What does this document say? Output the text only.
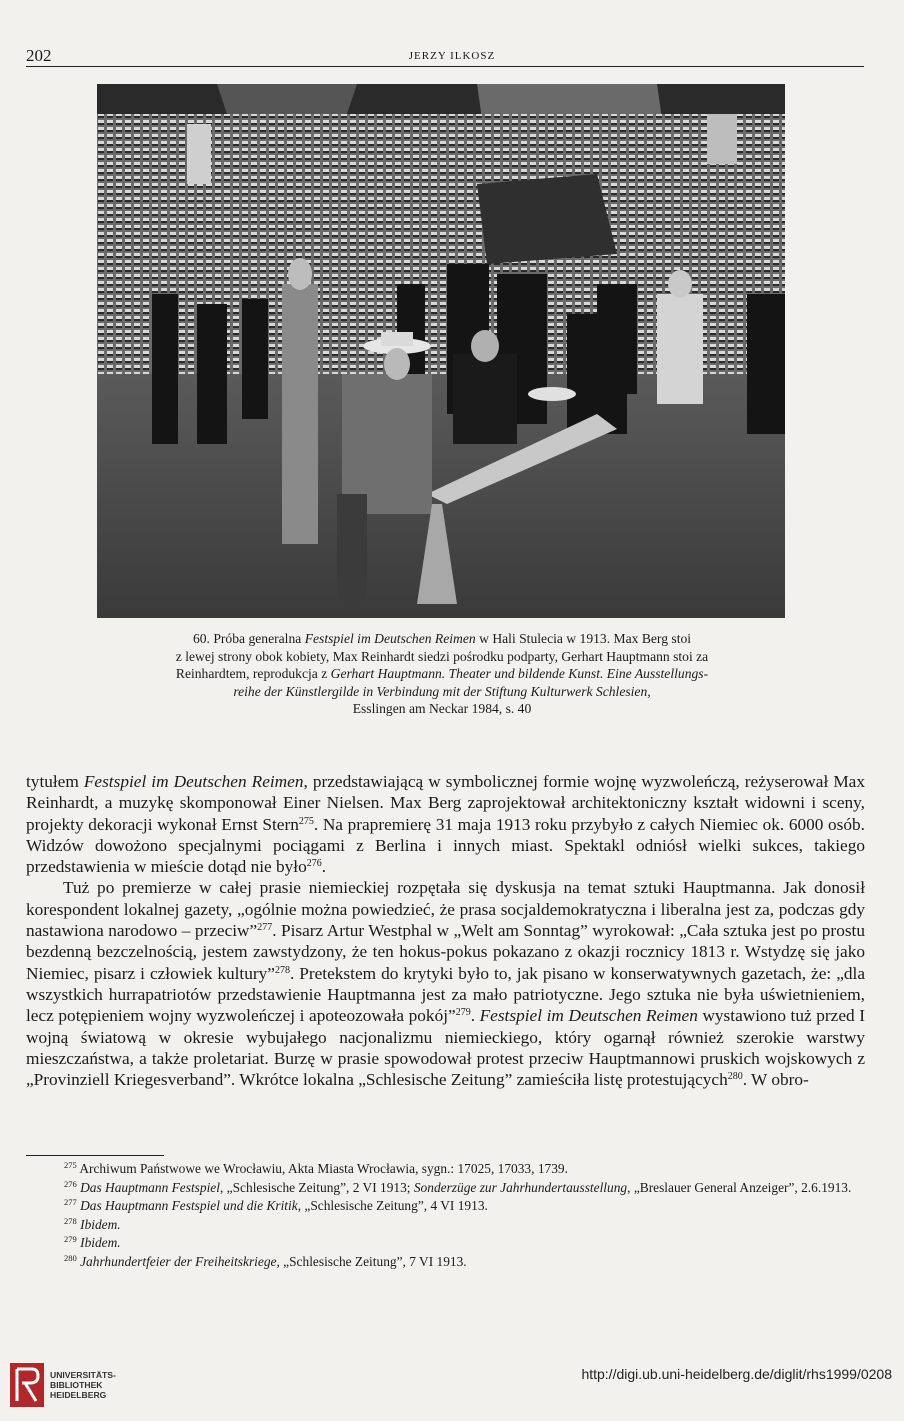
202	JERZY ILKOSZ

60. Próba generalna Festspiel im Deutschen Reimen w Hali Stulecia w 1913. Max Berg stoi

z lewej strony obok kobiety, Max Reinhardt siedzi pośrodku podparty, Gerhart Hauptmann stoi za

Reinhardtem, reprodukcja z Gerhart Hauptmann. Theater und bildende Kunst. Eine Ausstellungs-

reihe der Künstlergilde in Verbindung mit der Stiftung Kulturwerk Schlesien,

Esslingen am Neckar 1984, s. 40

tytułem Festspiel im Deutschen Reimen, przedstawiającą w symbolicznej formie wojnę wyzwoleńczą, reżyserował Max Reinhardt, a muzykę skomponował Einer Nielsen. Max Berg zaprojektował architektoniczny kształt widowni i sceny, projekty dekoracji wykonał Ernst Stern$^{275}$. Na prapremierę 31 maja 1913 roku przybyło z całych Niemiec ok. 6000 osób. Widzów dowożono specjalnymi pociągami z Berlina i innych miast. Spektakl odniósł wielki sukces, takiego przedstawienia w mieście dotąd nie było$^{276}$.

Tuż po premierze w całej prasie niemieckiej rozpętała się dyskusja na temat sztuki Hauptmanna. Jak donosił korespondent lokalnej gazety, „ogólnie można powiedzieć, że prasa socjaldemokratyczna i liberalna jest za, podczas gdy nastawiona narodowo – przeciw”$^{277}$. Pisarz Artur Westphal w „Welt am Sonntag” wyrokował: „Cała sztuka jest po prostu bezdenną bezczelnością, jestem zawstydzony, że ten hokus-pokus pokazano z okazji rocznicy 1813 r. Wstydzę się jako Niemiec, pisarz i człowiek kultury”$^{278}$. Pretekstem do krytyki było to, jak pisano w konserwatywnych gazetach, że: „dla wszystkich hurrapatriotów przedstawienie Hauptmanna jest za mało patriotyczne. Jego sztuka nie była uświetnieniem, lecz potępieniem wojny wyzwoleńczej i apoteozowała pokój”$^{279}$. Festspiel im Deutschen Reimen wystawiono tuż przed I wojną światową w okresie wybujałego nacjonalizmu niemieckiego, który ogarnął również szerokie warstwy mieszczaństwa, a także proletariat. Burzę w prasie spowodował protest przeciw Hauptmannowi pruskich wojskowych z „Provinziell Kriegesverband”. Wkrótce lokalna „Schlesische Zeitung” zamieściła listę protestujących$^{280}$. W obro-

$^{275}$ Archiwum Państwowe we Wrocławiu, Akta Miasta Wrocławia, sygn.: 17025, 17033, 1739.

$^{276}$ Das Hauptmann Festspiel, „Schlesische Zeitung”, 2 VI 1913; Sonderzüge zur Jahrhundertausstellung, „Breslauer General Anzeiger”, 2.6.1913.

$^{277}$ Das Hauptmann Festspiel und die Kritik, „Schlesische Zeitung”, 4 VI 1913.

$^{278}$ Ibidem.

$^{279}$ Ibidem.

$^{280}$ Jahrhundertfeier der Freiheitskriege, „Schlesische Zeitung”, 7 VI 1913.

UNIVERSITÄTS-
BIBLIOTHEK
HEIDELBERG
http://digi.ub.uni-heidelberg.de/diglit/rhs1999/0208
